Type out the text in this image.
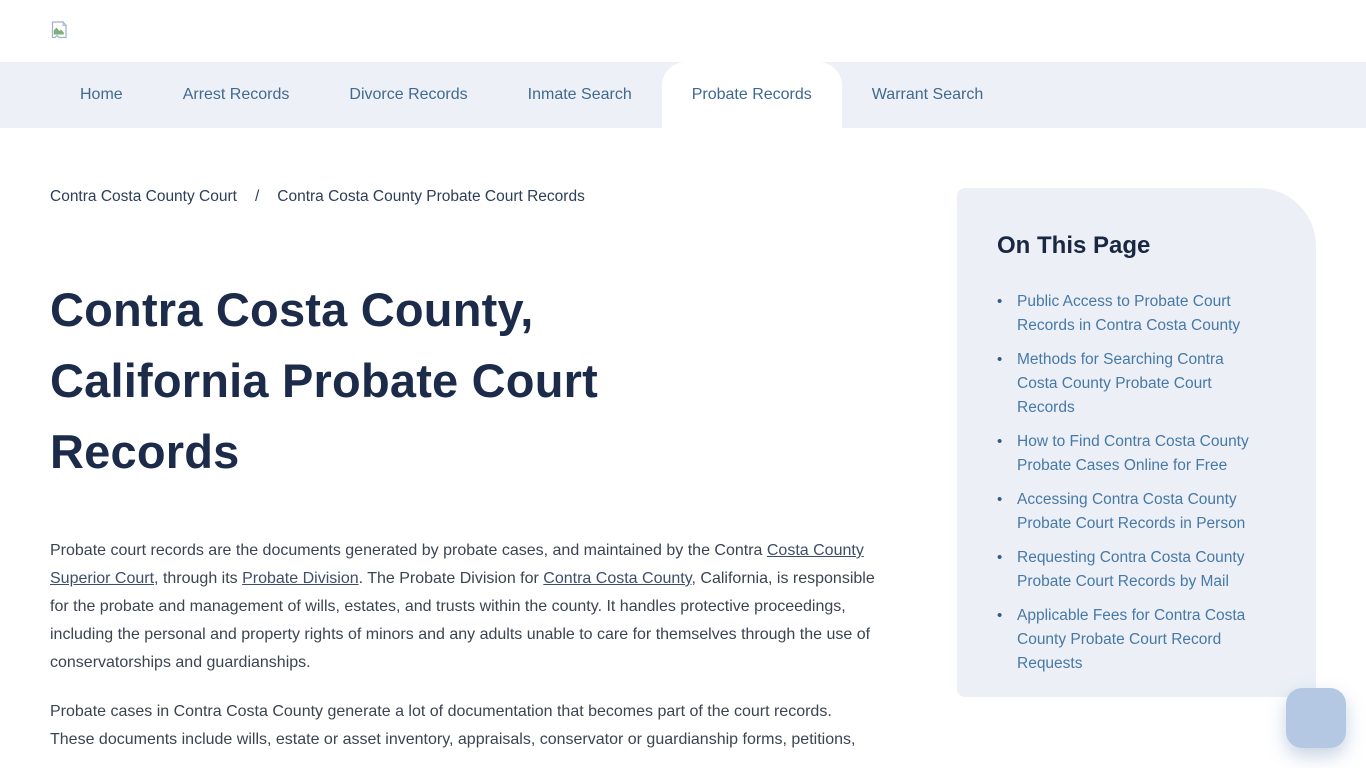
Home	Arrest Records	Divorce Records	Inmate Search	Probate Records	Warrant Search
Contra Costa County Court / Contra Costa County Probate Court Records
Contra Costa County, California Probate Court Records

Probate court records are the documents generated by probate cases, and maintained by the Contra Costa County Superior Court, through its Probate Division. The Probate Division for Contra Costa County, California, is responsible for the probate and management of wills, estates, and trusts within the county. It handles protective proceedings, including the personal and property rights of minors and any adults unable to care for themselves through the use of conservatorships and guardianships.

Probate cases in Contra Costa County generate a lot of documentation that becomes part of the court records. These documents include wills, estate or asset inventory, appraisals, conservator or guardianship forms, petitions,

On This Page
• Public Access to Probate Court Records in Contra Costa County
• Methods for Searching Contra Costa County Probate Court Records
• How to Find Contra Costa County Probate Cases Online for Free
• Accessing Contra Costa County Probate Court Records in Person
• Requesting Contra Costa County Probate Court Records by Mail
• Applicable Fees for Contra Costa County Probate Court Record Requests
